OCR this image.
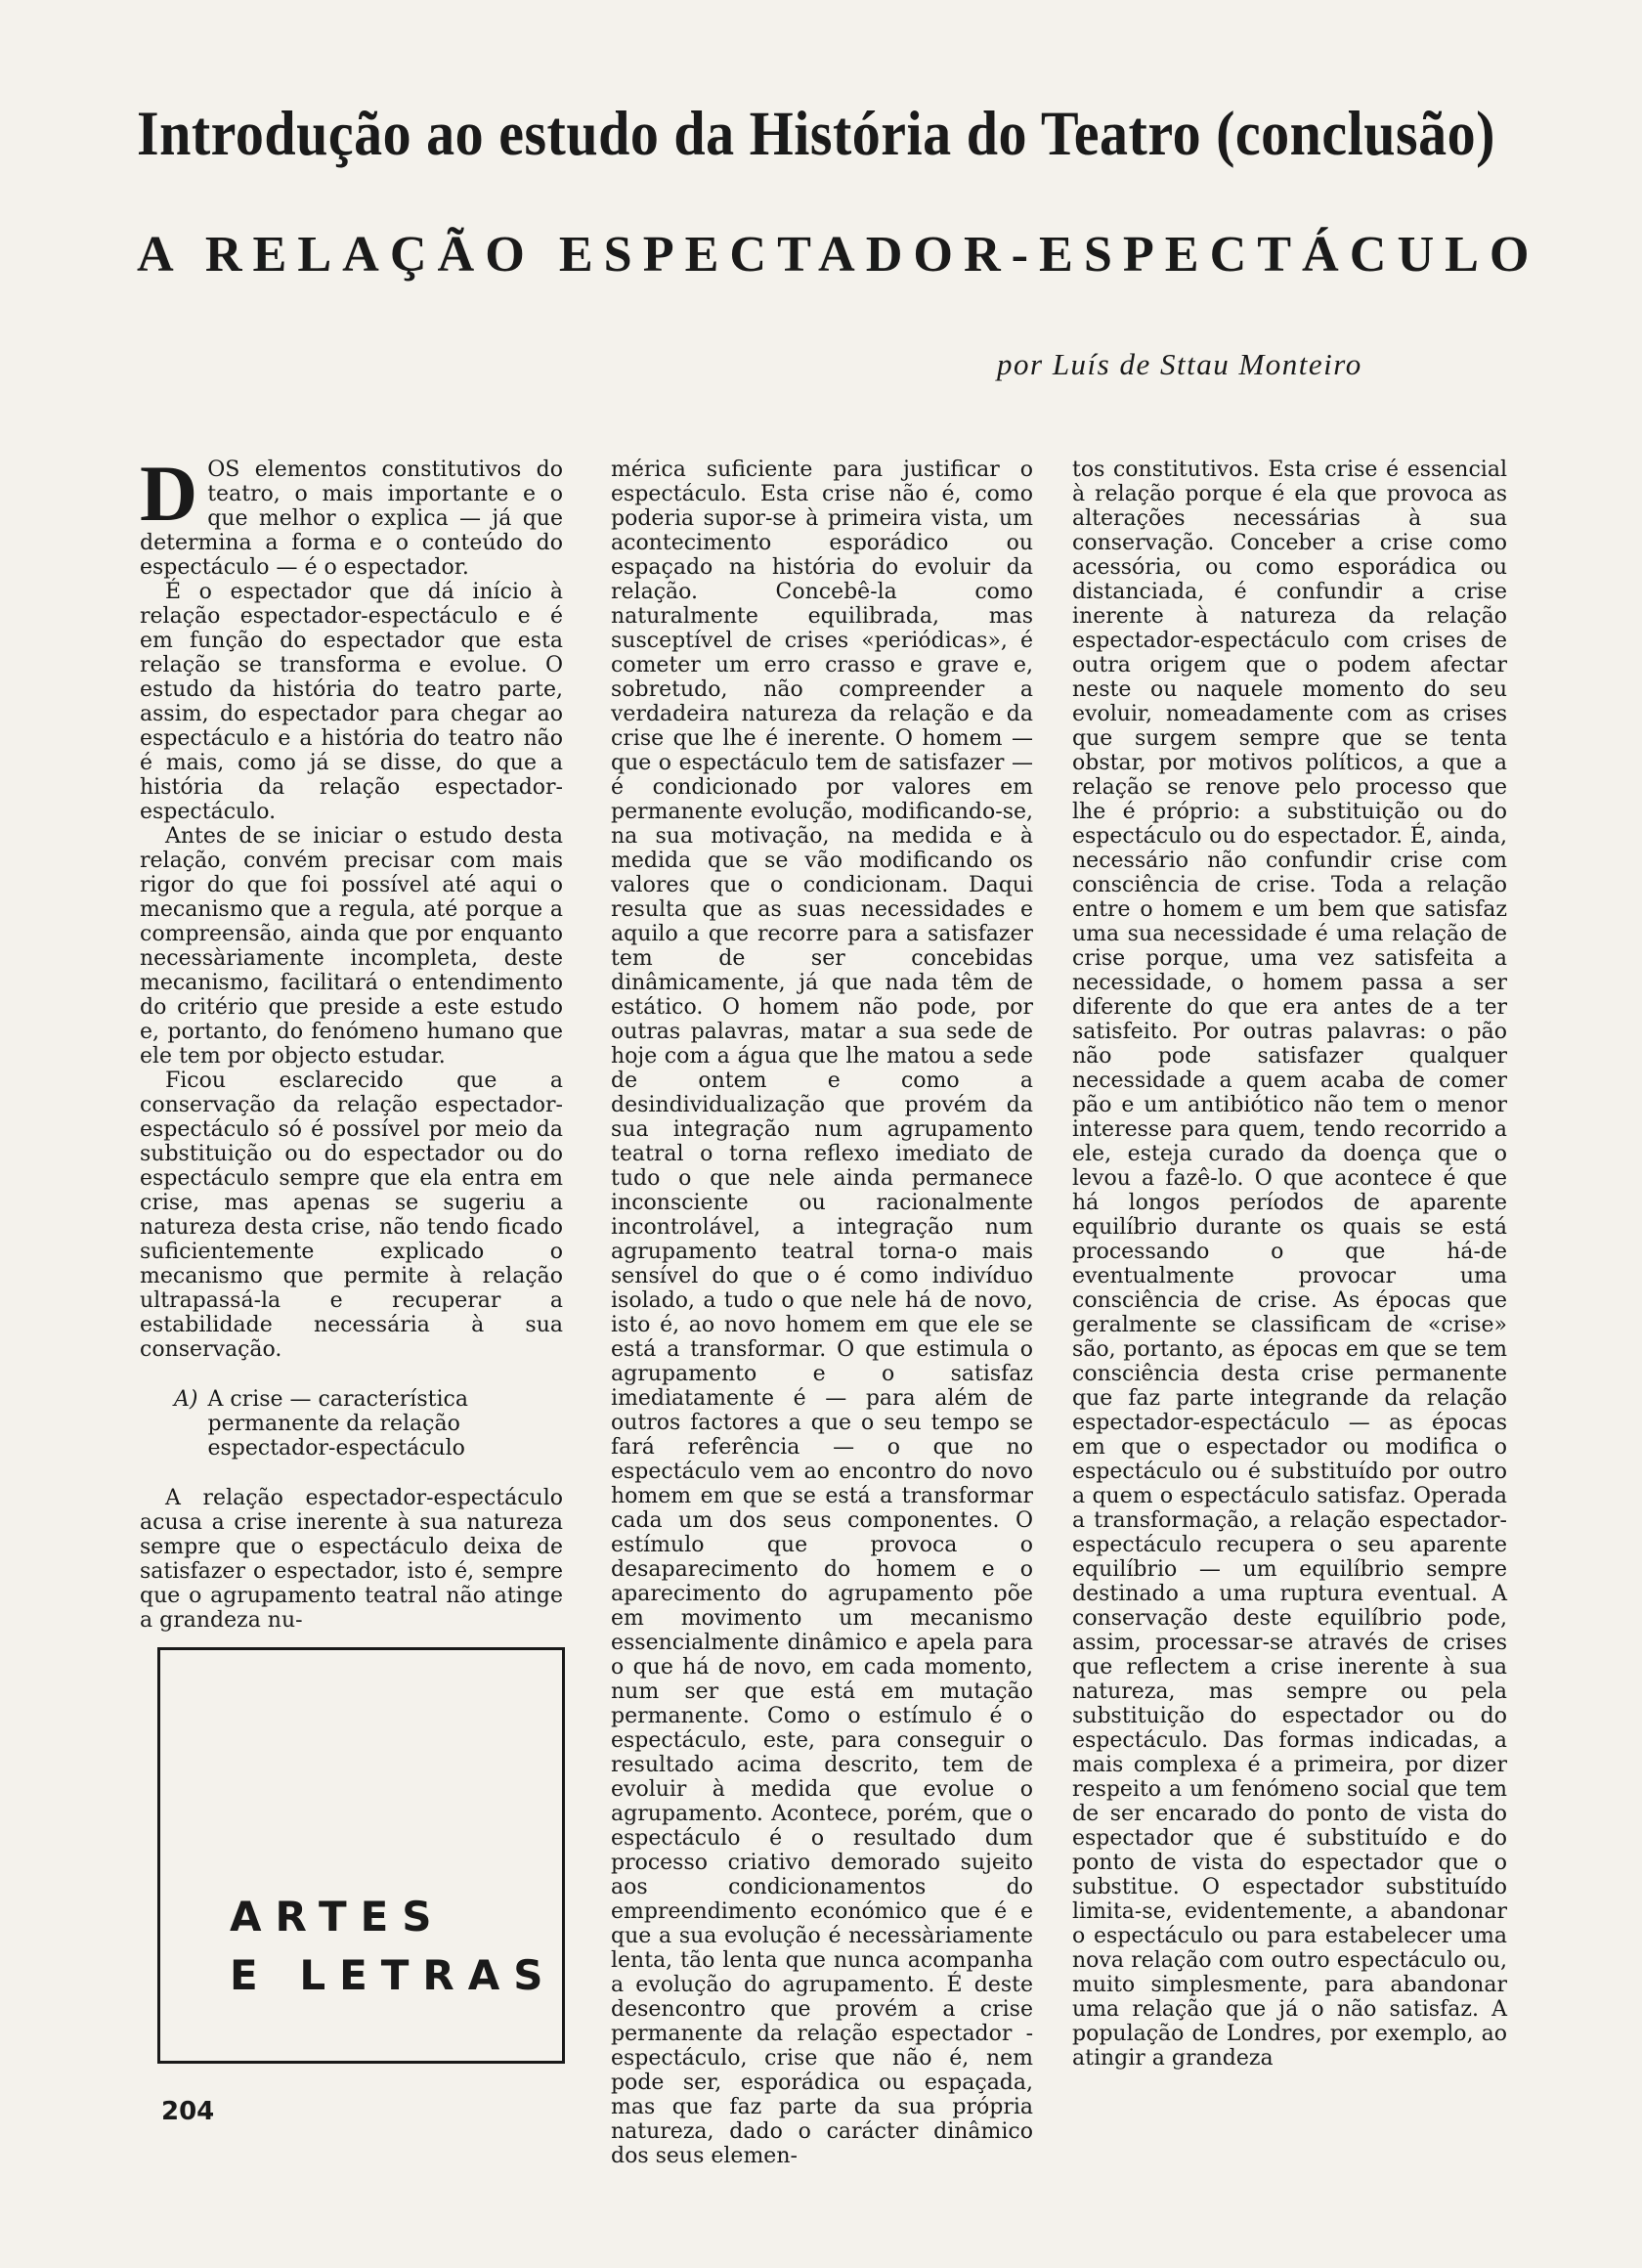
Introdução ao estudo da História do Teatro (conclusão)
A RELAÇÃO ESPECTADOR-ESPECTÁCULO
por Luís de Sttau Monteiro

DOS elementos constitutivos do teatro, o mais importante e o que melhor o explica — já que determina a forma e o conteúdo do espectáculo — é o espectador.

É o espectador que dá início à relação espectador-espectáculo e é em função do espectador que esta relação se transforma e evolue. O estudo da história do teatro parte, assim, do espectador para chegar ao espectáculo e a história do teatro não é mais, como já se disse, do que a história da relação espectador-espectáculo.

Antes de se iniciar o estudo desta relação, convém precisar com mais rigor do que foi possível até aqui o mecanismo que a regula, até porque a compreensão, ainda que por enquanto necessàriamente incompleta, deste mecanismo, facilitará o entendimento do critério que preside a este estudo e, portanto, do fenómeno humano que ele tem por objecto estudar.

Ficou esclarecido que a conservação da relação espectador-espectáculo só é possível por meio da substituição ou do espectador ou do espectáculo sempre que ela entra em crise, mas apenas se sugeriu a natureza desta crise, não tendo ficado suficientemente explicado o mecanismo que permite à relação ultrapassá-la e recuperar a estabilidade necessária à sua conservação.

A) A crise — característica permanente da relação espectador-espectáculo

A relação espectador-espectáculo acusa a crise inerente à sua natureza sempre que o espectáculo deixa de satisfazer o espectador, isto é, sempre que o agrupamento teatral não atinge a grandeza nu-

mérica suficiente para justificar o espectáculo. Esta crise não é, como poderia supor-se à primeira vista, um acontecimento esporádico ou espaçado na história do evoluir da relação. Concebê-la como naturalmente equilibrada, mas susceptível de crises «periódicas», é cometer um erro crasso e grave e, sobretudo, não compreender a verdadeira natureza da relação e da crise que lhe é inerente. O homem — que o espectáculo tem de satisfazer — é condicionado por valores em permanente evolução, modificando-se, na sua motivação, na medida e à medida que se vão modificando os valores que o condicionam. Daqui resulta que as suas necessidades e aquilo a que recorre para a satisfazer tem de ser concebidas dinâmicamente, já que nada têm de estático. O homem não pode, por outras palavras, matar a sua sede de hoje com a água que lhe matou a sede de ontem e como a desindividualização que provém da sua integração num agrupamento teatral o torna reflexo imediato de tudo o que nele ainda permanece inconsciente ou racionalmente incontrolável, a integração num agrupamento teatral torna-o mais sensível do que o é como indivíduo isolado, a tudo o que nele há de novo, isto é, ao novo homem em que ele se está a transformar. O que estimula o agrupamento e o satisfaz imediatamente é — para além de outros factores a que o seu tempo se fará referência — o que no espectáculo vem ao encontro do novo homem em que se está a transformar cada um dos seus componentes. O estímulo que provoca o desaparecimento do homem e o aparecimento do agrupamento põe em movimento um mecanismo essencialmente dinâmico e apela para o que há de novo, em cada momento, num ser que está em mutação permanente. Como o estímulo é o espectáculo, este, para conseguir o resultado acima descrito, tem de evoluir à medida que evolue o agrupamento. Acontece, porém, que o espectáculo é o resultado dum processo criativo demorado sujeito aos condicionamentos do empreendimento económico que é e que a sua evolução é necessàriamente lenta, tão lenta que nunca acompanha a evolução do agrupamento. É deste desencontro que provém a crise permanente da relação espectador - espectáculo, crise que não é, nem pode ser, esporádica ou espaçada, mas que faz parte da sua própria natureza, dado o carácter dinâmico dos seus elemen-

tos constitutivos. Esta crise é essencial à relação porque é ela que provoca as alterações necessárias à sua conservação. Conceber a crise como acessória, ou como esporádica ou distanciada, é confundir a crise inerente à natureza da relação espectador-espectáculo com crises de outra origem que o podem afectar neste ou naquele momento do seu evoluir, nomeadamente com as crises que surgem sempre que se tenta obstar, por motivos políticos, a que a relação se renove pelo processo que lhe é próprio: a substituição ou do espectáculo ou do espectador. É, ainda, necessário não confundir crise com consciência de crise. Toda a relação entre o homem e um bem que satisfaz uma sua necessidade é uma relação de crise porque, uma vez satisfeita a necessidade, o homem passa a ser diferente do que era antes de a ter satisfeito. Por outras palavras: o pão não pode satisfazer qualquer necessidade a quem acaba de comer pão e um antibiótico não tem o menor interesse para quem, tendo recorrido a ele, esteja curado da doença que o levou a fazê-lo. O que acontece é que há longos períodos de aparente equilíbrio durante os quais se está processando o que há-de eventualmente provocar uma consciência de crise. As épocas que geralmente se classificam de «crise» são, portanto, as épocas em que se tem consciência desta crise permanente que faz parte integrande da relação espectador-espectáculo — as épocas em que o espectador ou modifica o espectáculo ou é substituído por outro a quem o espectáculo satisfaz. Operada a transformação, a relação espectador-espectáculo recupera o seu aparente equilíbrio — um equilíbrio sempre destinado a uma ruptura eventual. A conservação deste equilíbrio pode, assim, processar-se através de crises que reflectem a crise inerente à sua natureza, mas sempre ou pela substituição do espectador ou do espectáculo. Das formas indicadas, a mais complexa é a primeira, por dizer respeito a um fenómeno social que tem de ser encarado do ponto de vista do espectador que é substituído e do ponto de vista do espectador que o substitue. O espectador substituído limita-se, evidentemente, a abandonar o espectáculo ou para estabelecer uma nova relação com outro espectáculo ou, muito simplesmente, para abandonar uma relação que já o não satisfaz. A população de Londres, por exemplo, ao atingir a grandeza

ARTES
E LETRAS
204
